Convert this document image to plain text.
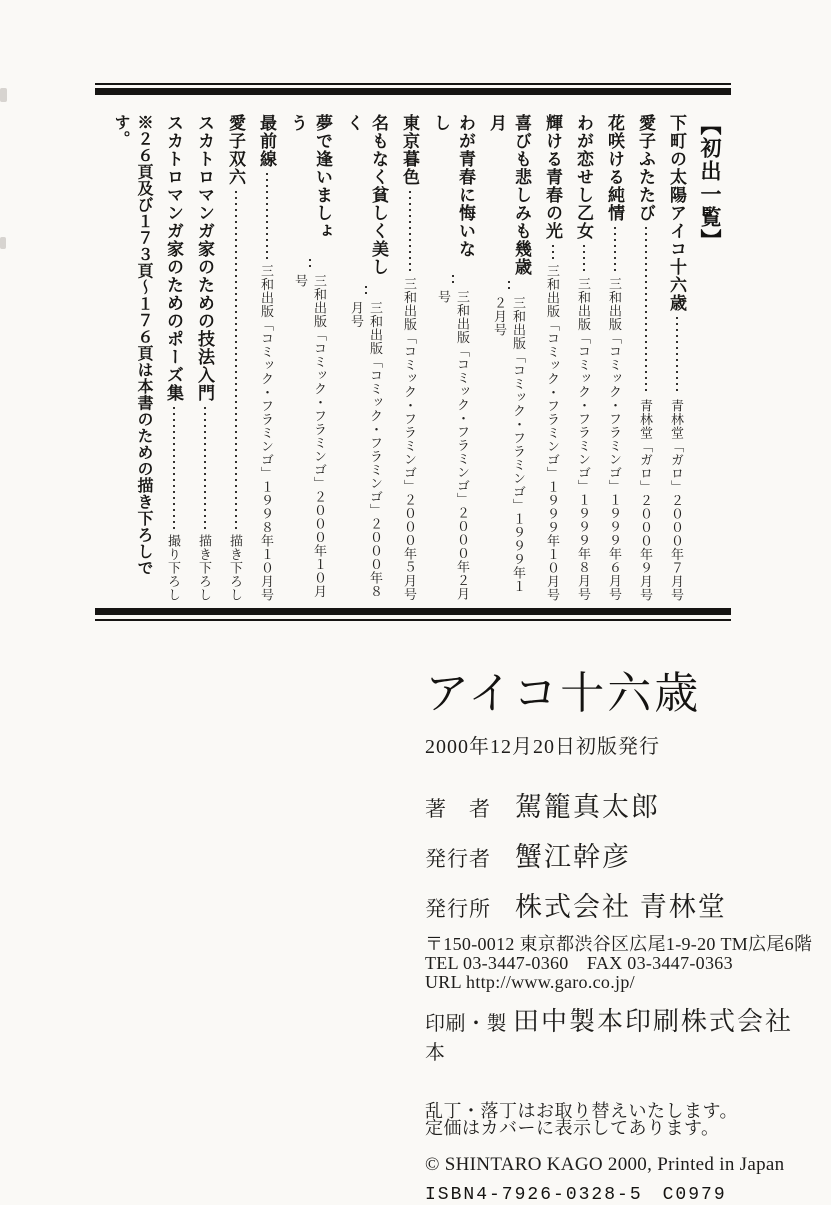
【初出一覧】
下町の太陽アイコ十六歳
青林堂「ガロ」２０００年７月号
愛子ふたたび
青林堂「ガロ」２０００年９月号
花咲ける純情
三和出版「コミック・フラミンゴ」１９９９年６月号
わが恋せし乙女
三和出版「コミック・フラミンゴ」１９９９年８月号
輝ける青春の光
三和出版「コミック・フラミンゴ」１９９９年１０月号
喜びも悲しみも幾歳月
三和出版「コミック・フラミンゴ」１９９９年１２月号
わが青春に悔いなし
三和出版「コミック・フラミンゴ」２０００年２月号
東京暮色
三和出版「コミック・フラミンゴ」２０００年５月号
名もなく貧しく美しく
三和出版「コミック・フラミンゴ」２０００年８月号
夢で逢いましょう
三和出版「コミック・フラミンゴ」２０００年１０月号
最前線
三和出版「コミック・フラミンゴ」１９９８年１０月号
愛子双六
描き下ろし
スカトロマンガ家のための技法入門
描き下ろし
スカトロマンガ家のためのポーズ集
撮り下ろし
※２６頁及び１７３頁～１７６頁は本書のための描き下ろしです。
アイコ十六歳
2000年12月20日初版発行
著　者 駕籠真太郎
発行者 蟹江幹彦
発行所 株式会社 青林堂
〒150-0012 東京都渋谷区広尾1-9-20 TM広尾6階
TEL 03-3447-0360　FAX 03-3447-0363
URL http://www.garo.co.jp/
印刷・製本
田中製本印刷株式会社
乱丁・落丁はお取り替えいたします。
定価はカバーに表示してあります。
© SHINTARO KAGO 2000, Printed in Japan
ISBN4-7926-0328-5　C0979
